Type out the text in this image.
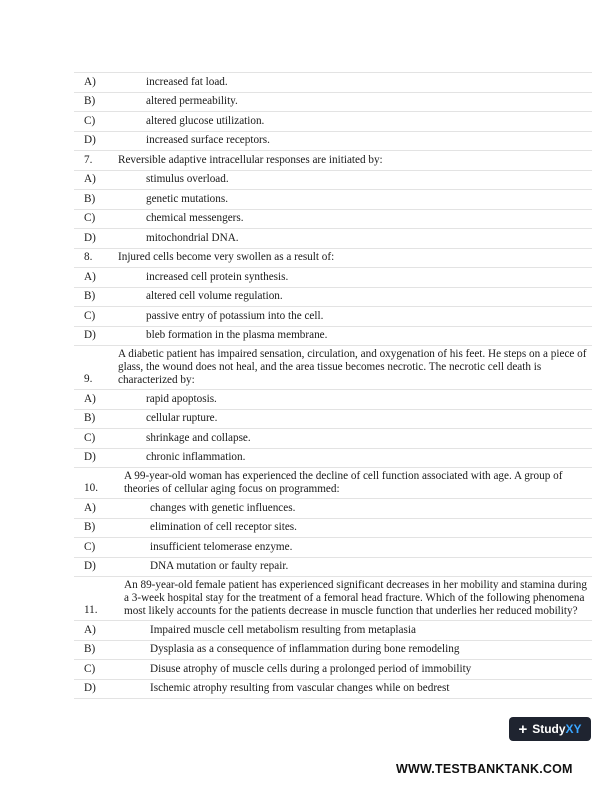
A)	increased fat load.
B)	altered permeability.
C)	altered glucose utilization.
D)	increased surface receptors.
7. Reversible adaptive intracellular responses are initiated by:
A)	stimulus overload.
B)	genetic mutations.
C)	chemical messengers.
D)	mitochondrial DNA.
8. Injured cells become very swollen as a result of:
A)	increased cell protein synthesis.
B)	altered cell volume regulation.
C)	passive entry of potassium into the cell.
D)	bleb formation in the plasma membrane.
9.
A diabetic patient has impaired sensation, circulation, and oxygenation of his feet. He steps on a piece of glass, the wound does not heal, and the area tissue becomes necrotic. The necrotic cell death is characterized by:
A)	rapid apoptosis.
B)	cellular rupture.
C)	shrinkage and collapse.
D)	chronic inflammation.
10.
A 99-year-old woman has experienced the decline of cell function associated with age. A group of theories of cellular aging focus on programmed:
A)	changes with genetic influences.
B)	elimination of cell receptor sites.
C)	insufficient telomerase enzyme.
D)	DNA mutation or faulty repair.
11.
An 89-year-old female patient has experienced significant decreases in her mobility and stamina during a 3-week hospital stay for the treatment of a femoral head fracture. Which of the following phenomena most likely accounts for the patients decrease in muscle function that underlies her reduced mobility?
A)	Impaired muscle cell metabolism resulting from metaplasia
B)	Dysplasia as a consequence of inflammation during bone remodeling
C)	Disuse atrophy of muscle cells during a prolonged period of immobility
D)	Ischemic atrophy resulting from vascular changes while on bedrest
+ StudyXY
WWW.TESTBANKTANK.COM
